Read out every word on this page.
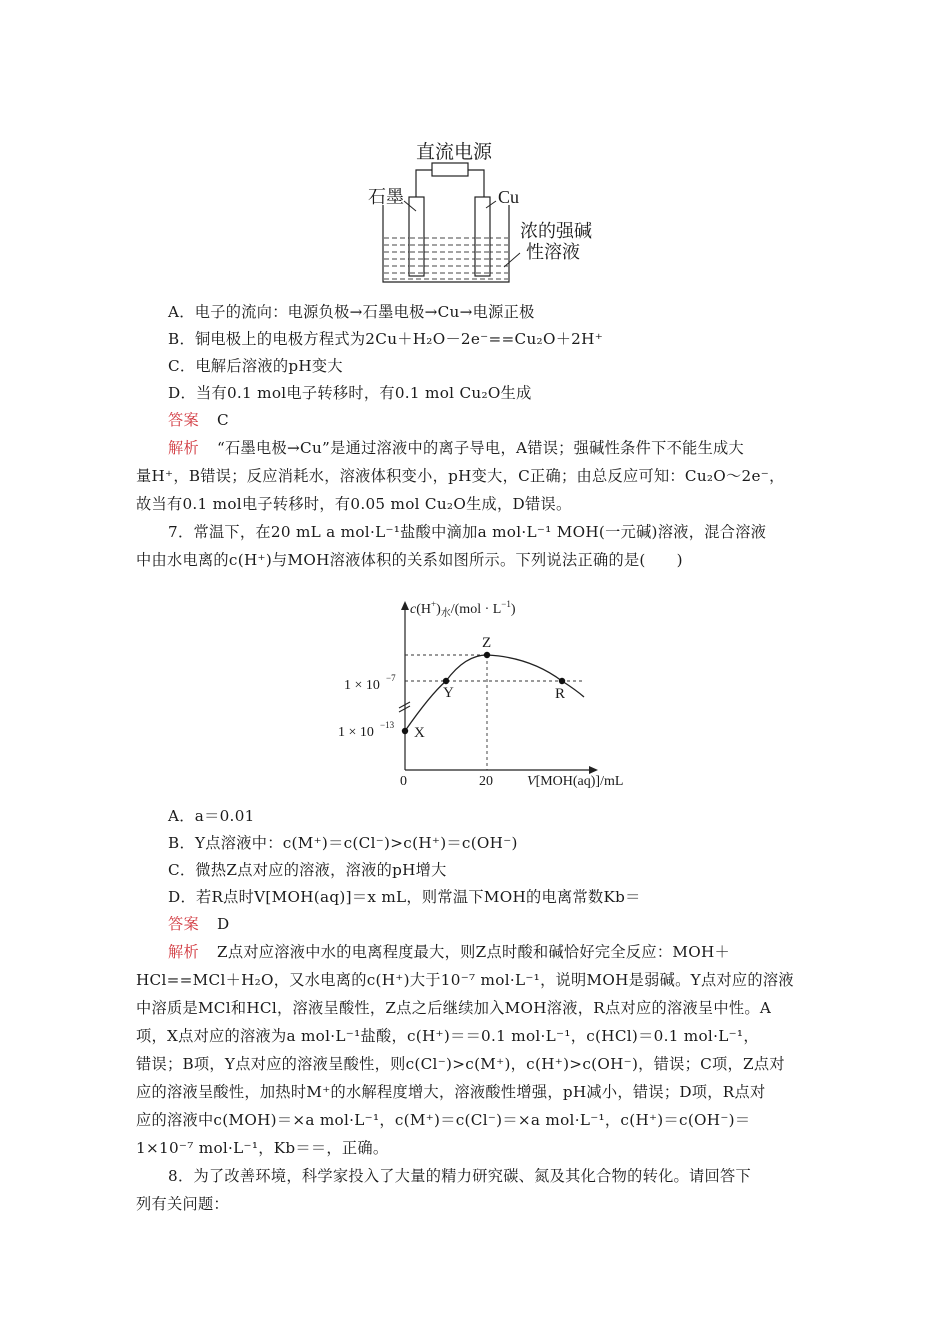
直流电源
石墨	Cu
浓的强碱
性溶液
A．电子的流向：电源负极→石墨电极→Cu→电源正极
B．铜电极上的电极方程式为2Cu＋H₂O－2e⁻==Cu₂O＋2H⁺
C．电解后溶液的pH变大
D．当有0.1 mol电子转移时，有0.1 mol Cu₂O生成
答案 C
解析 “石墨电极→Cu”是通过溶液中的离子导电，A错误；强碱性条件下不能生成大
量H⁺，B错误；反应消耗水，溶液体积变小，pH变大，C正确；由总反应可知：Cu₂O～2e⁻，
故当有0.1 mol电子转移时，有0.05 mol Cu₂O生成，D错误。
7．常温下，在20 mL a mol·L⁻¹盐酸中滴加a mol·L⁻¹ MOH(一元碱)溶液，混合溶液
中由水电离的c(H⁺)与MOH溶液体积的关系如图所示。下列说法正确的是(　　)
X
Y
Z
R
1 × 10 −7
1 × 10 −13
0	20
$c(H^+)_水/(mol \cdot L^{-1})$
V[MOH(aq)]/mL
A．a＝0.01
B．Y点溶液中：c(M⁺)＝c(Cl⁻)>c(H⁺)＝c(OH⁻)
C．微热Z点对应的溶液，溶液的pH增大
D．若R点时V[MOH(aq)]＝x mL，则常温下MOH的电离常数Kb＝
答案 D
解析 Z点对应溶液中水的电离程度最大，则Z点时酸和碱恰好完全反应：MOH＋
HCl==MCl＋H₂O，又水电离的c(H⁺)大于10⁻⁷ mol·L⁻¹，说明MOH是弱碱。Y点对应的溶液
中溶质是MCl和HCl，溶液呈酸性，Z点之后继续加入MOH溶液，R点对应的溶液呈中性。A
项，X点对应的溶液为a mol·L⁻¹盐酸，c(H⁺)＝＝0.1 mol·L⁻¹，c(HCl)＝0.1 mol·L⁻¹，
错误；B项，Y点对应的溶液呈酸性，则c(Cl⁻)>c(M⁺)，c(H⁺)>c(OH⁻)，错误；C项，Z点对
应的溶液呈酸性，加热时M⁺的水解程度增大，溶液酸性增强，pH减小，错误；D项，R点对
应的溶液中c(MOH)＝×a mol·L⁻¹，c(M⁺)＝c(Cl⁻)＝×a mol·L⁻¹，c(H⁺)＝c(OH⁻)＝
1×10⁻⁷ mol·L⁻¹，Kb＝＝，正确。
8．为了改善环境，科学家投入了大量的精力研究碳、氮及其化合物的转化。请回答下
列有关问题：
